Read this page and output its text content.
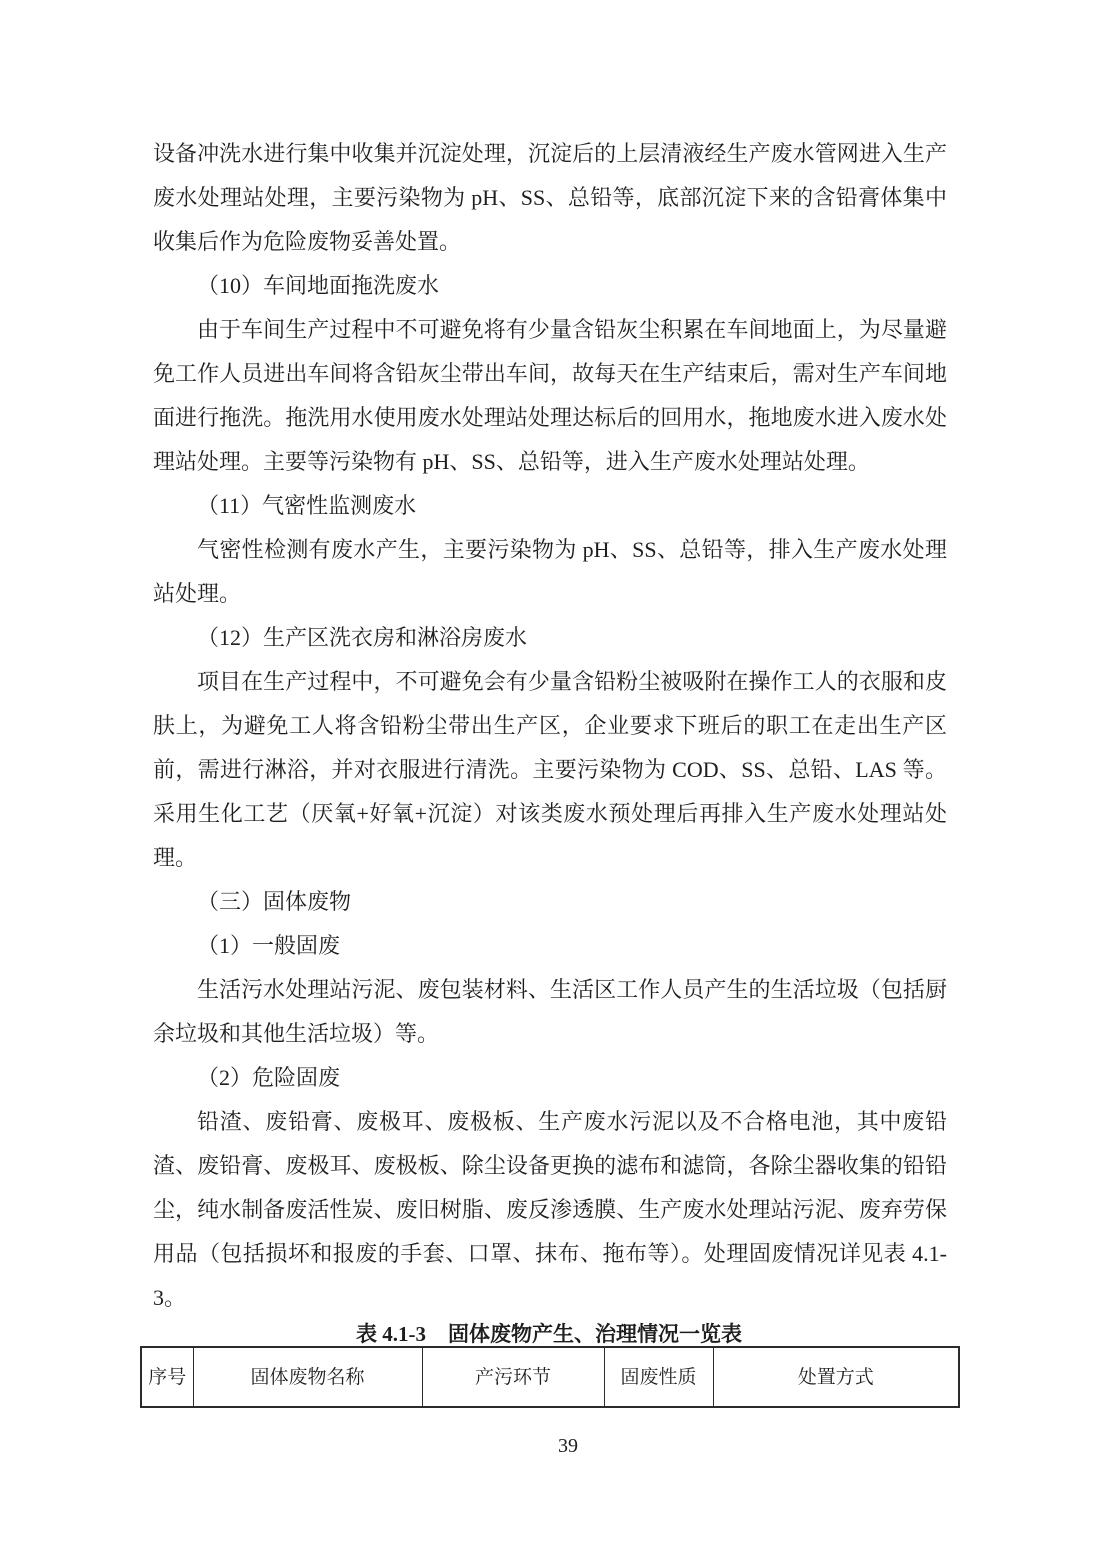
设备冲洗水进行集中收集并沉淀处理，沉淀后的上层清液经生产废水管网进入生产废水处理站处理，主要污染物为 pH、SS、总铅等，底部沉淀下来的含铅膏体集中收集后作为危险废物妥善处置。

（10）车间地面拖洗废水

由于车间生产过程中不可避免将有少量含铅灰尘积累在车间地面上，为尽量避免工作人员进出车间将含铅灰尘带出车间，故每天在生产结束后，需对生产车间地面进行拖洗。拖洗用水使用废水处理站处理达标后的回用水，拖地废水进入废水处理站处理。主要等污染物有 pH、SS、总铅等，进入生产废水处理站处理。

（11）气密性监测废水

气密性检测有废水产生，主要污染物为 pH、SS、总铅等，排入生产废水处理站处理。

（12）生产区洗衣房和淋浴房废水

项目在生产过程中，不可避免会有少量含铅粉尘被吸附在操作工人的衣服和皮肤上，为避免工人将含铅粉尘带出生产区，企业要求下班后的职工在走出生产区前，需进行淋浴，并对衣服进行清洗。主要污染物为 COD、SS、总铅、LAS 等。采用生化工艺（厌氧+好氧+沉淀）对该类废水预处理后再排入生产废水处理站处理。

（三）固体废物

（1）一般固废

生活污水处理站污泥、废包装材料、生活区工作人员产生的生活垃圾（包括厨余垃圾和其他生活垃圾）等。

（2）危险固废

铅渣、废铅膏、废极耳、废极板、生产废水污泥以及不合格电池，其中废铅渣、废铅膏、废极耳、废极板、除尘设备更换的滤布和滤筒，各除尘器收集的铅铅尘，纯水制备废活性炭、废旧树脂、废反渗透膜、生产废水处理站污泥、废弃劳保用品（包括损坏和报废的手套、口罩、抹布、拖布等）。处理固废情况详见表 4.1-3。

表 4.1-3 固体废物产生、治理情况一览表
序号	固体废物名称	产污环节	固废性质	处置方式
39
